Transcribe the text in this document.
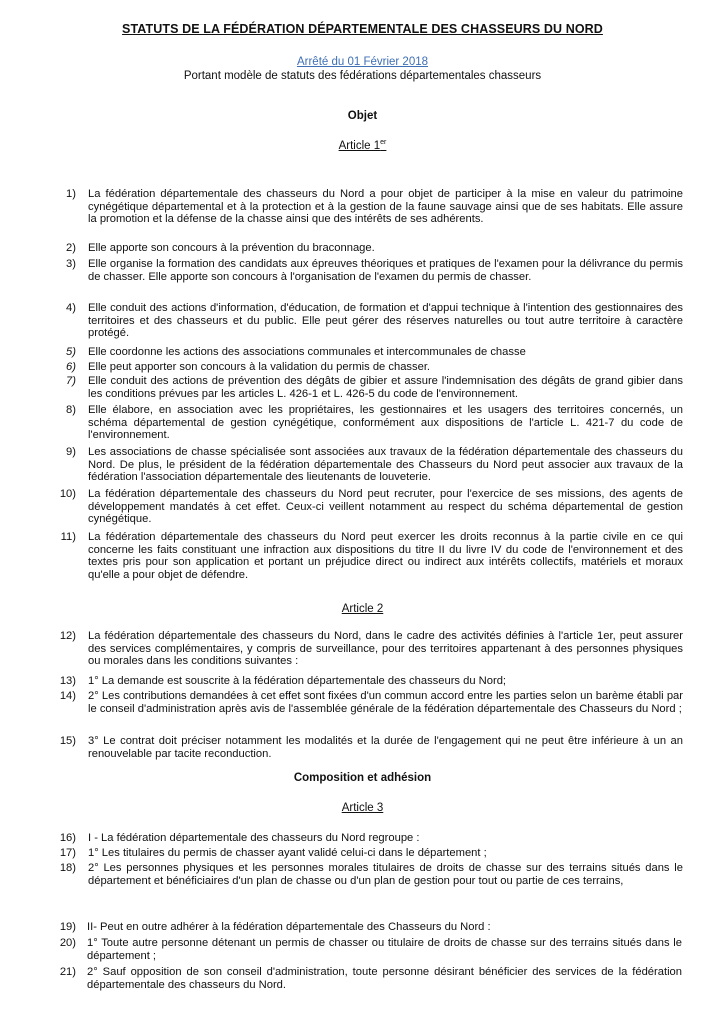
STATUTS DE LA FÉDÉRATION DÉPARTEMENTALE DES CHASSEURS DU NORD
Arrêté du 01 Février 2018
Portant modèle de statuts des fédérations départementales chasseurs
Objet
Article 1er
1) La fédération départementale des chasseurs du Nord a pour objet de participer à la mise en valeur du patrimoine cynégétique départemental et à la protection et à la gestion de la faune sauvage ainsi que de ses habitats. Elle assure la promotion et la défense de la chasse ainsi que des intérêts de ses adhérents.
2) Elle apporte son concours à la prévention du braconnage.
3) Elle organise la formation des candidats aux épreuves théoriques et pratiques de l'examen pour la délivrance du permis de chasser. Elle apporte son concours à l'organisation de l'examen du permis de chasser.
4) Elle conduit des actions d'information, d'éducation, de formation et d'appui technique à l'intention des gestionnaires des territoires et des chasseurs et du public. Elle peut gérer des réserves naturelles ou tout autre territoire à caractère protégé.
5) Elle coordonne les actions des associations communales et intercommunales de chasse
6) Elle peut apporter son concours à la validation du permis de chasser.
7) Elle conduit des actions de prévention des dégâts de gibier et assure l'indemnisation des dégâts de grand gibier dans les conditions prévues par les articles L. 426-1 et L. 426-5 du code de l'environnement.
8) Elle élabore, en association avec les propriétaires, les gestionnaires et les usagers des territoires concernés, un schéma départemental de gestion cynégétique, conformément aux dispositions de l'article L. 421-7 du code de l'environnement.
9) Les associations de chasse spécialisée sont associées aux travaux de la fédération départementale des chasseurs du Nord. De plus, le président de la fédération départementale des Chasseurs du Nord peut associer aux travaux de la fédération l'association départementale des lieutenants de louveterie.
10) La fédération départementale des chasseurs du Nord peut recruter, pour l'exercice de ses missions, des agents de développement mandatés à cet effet. Ceux-ci veillent notamment au respect du schéma départemental de gestion cynégétique.
11) La fédération départementale des chasseurs du Nord peut exercer les droits reconnus à la partie civile en ce qui concerne les faits constituant une infraction aux dispositions du titre II du livre IV du code de l'environnement et des textes pris pour son application et portant un préjudice direct ou indirect aux intérêts collectifs, matériels et moraux qu'elle a pour objet de défendre.
Article 2
12) La fédération départementale des chasseurs du Nord, dans le cadre des activités définies à l'article 1er, peut assurer des services complémentaires, y compris de surveillance, pour des territoires appartenant à des personnes physiques ou morales dans les conditions suivantes :
13) 1° La demande est souscrite à la fédération départementale des chasseurs du Nord;
14) 2° Les contributions demandées à cet effet sont fixées d'un commun accord entre les parties selon un barème établi par le conseil d'administration après avis de l'assemblée générale de la fédération départementale des Chasseurs du Nord ;
15) 3° Le contrat doit préciser notamment les modalités et la durée de l'engagement qui ne peut être inférieure à un an renouvelable par tacite reconduction.
Composition et adhésion
Article 3
16) I - La fédération départementale des chasseurs du Nord regroupe :
17) 1° Les titulaires du permis de chasser ayant validé celui-ci dans le département ;
18) 2° Les personnes physiques et les personnes morales titulaires de droits de chasse sur des terrains situés dans le département et bénéficiaires d'un plan de chasse ou d'un plan de gestion pour tout ou partie de ces terrains,
19) II- Peut en outre adhérer à la fédération départementale des Chasseurs du Nord :
20) 1° Toute autre personne détenant un permis de chasser ou titulaire de droits de chasse sur des terrains situés dans le département ;
21) 2° Sauf opposition de son conseil d'administration, toute personne désirant bénéficier des services de la fédération départementale des chasseurs du Nord.
